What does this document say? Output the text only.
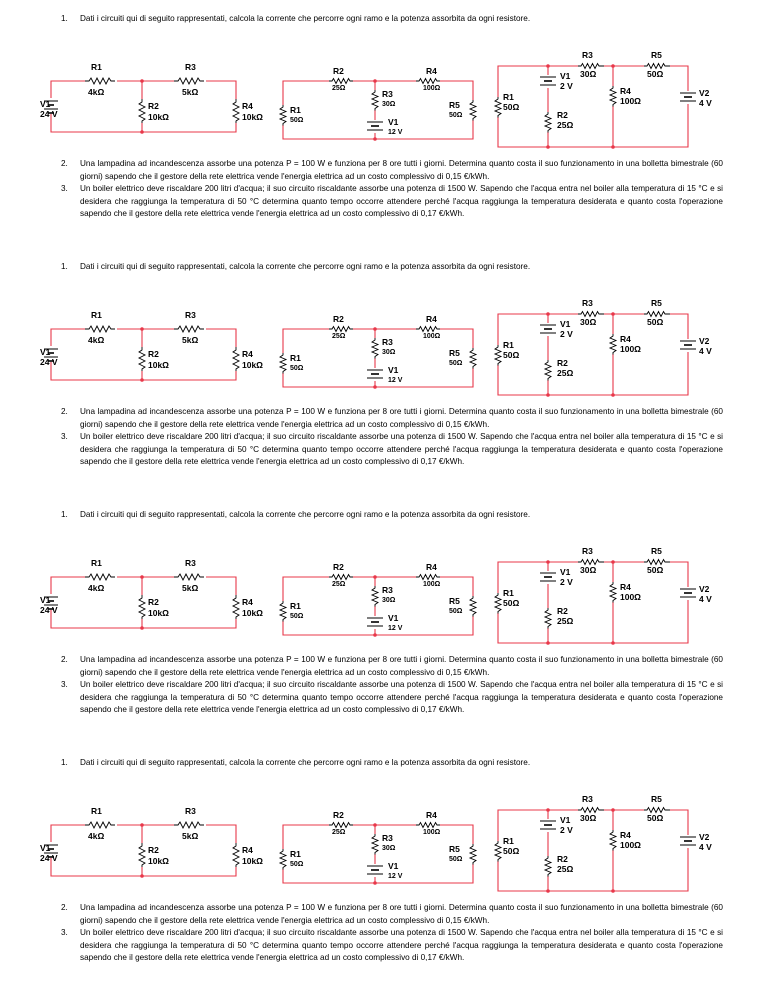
1.	Dati i circuiti qui di seguito rappresentati, calcola la corrente che percorre ogni ramo e la potenza assorbita da ogni resistore.
R1
4kΩ
R3
5kΩ
V1
24 V
R2
10kΩ
R4
10kΩ
R2
25Ω
R4
100Ω
R3
30Ω
R1
50Ω
R5
50Ω
V1
12 V
R3
30Ω
R5
50Ω
V1
2 V
R1
50Ω
R4
100Ω
V2
4 V
R2
25Ω
2.	Una lampadina ad incandescenza assorbe una potenza P = 100 W e funziona per 8 ore tutti i giorni. Determina quanto costa il suo funzionamento in una bolletta bimestrale (60 giorni) sapendo che il gestore della rete elettrica vende l'energia elettrica ad un costo complessivo di 0,15 €/kWh.
3.	Un boiler elettrico deve riscaldare 200 litri d'acqua; il suo circuito riscaldante assorbe una potenza di 1500 W. Sapendo che l'acqua entra nel boiler alla temperatura di 15 °C e si desidera che raggiunga la temperatura di 50 °C determina quanto tempo occorre attendere perché l'acqua raggiunga la temperatura desiderata e quanto costa l'operazione sapendo che il gestore della rete elettrica vende l'energia elettrica ad un costo complessivo di 0,17 €/kWh.
1.	Dati i circuiti qui di seguito rappresentati, calcola la corrente che percorre ogni ramo e la potenza assorbita da ogni resistore.
R1
4kΩ
R3
5kΩ
V1
24 V
R2
10kΩ
R4
10kΩ
R2
25Ω
R4
100Ω
R3
30Ω
R1
50Ω
R5
50Ω
V1
12 V
R3
30Ω
R5
50Ω
V1
2 V
R1
50Ω
R4
100Ω
V2
4 V
R2
25Ω
2.	Una lampadina ad incandescenza assorbe una potenza P = 100 W e funziona per 8 ore tutti i giorni. Determina quanto costa il suo funzionamento in una bolletta bimestrale (60 giorni) sapendo che il gestore della rete elettrica vende l'energia elettrica ad un costo complessivo di 0,15 €/kWh.
3.	Un boiler elettrico deve riscaldare 200 litri d'acqua; il suo circuito riscaldante assorbe una potenza di 1500 W. Sapendo che l'acqua entra nel boiler alla temperatura di 15 °C e si desidera che raggiunga la temperatura di 50 °C determina quanto tempo occorre attendere perché l'acqua raggiunga la temperatura desiderata e quanto costa l'operazione sapendo che il gestore della rete elettrica vende l'energia elettrica ad un costo complessivo di 0,17 €/kWh.
1.	Dati i circuiti qui di seguito rappresentati, calcola la corrente che percorre ogni ramo e la potenza assorbita da ogni resistore.
R1
4kΩ
R3
5kΩ
V1
24 V
R2
10kΩ
R4
10kΩ
R2
25Ω
R4
100Ω
R3
30Ω
R1
50Ω
R5
50Ω
V1
12 V
R3
30Ω
R5
50Ω
V1
2 V
R1
50Ω
R4
100Ω
V2
4 V
R2
25Ω
2.	Una lampadina ad incandescenza assorbe una potenza P = 100 W e funziona per 8 ore tutti i giorni. Determina quanto costa il suo funzionamento in una bolletta bimestrale (60 giorni) sapendo che il gestore della rete elettrica vende l'energia elettrica ad un costo complessivo di 0,15 €/kWh.
3.	Un boiler elettrico deve riscaldare 200 litri d'acqua; il suo circuito riscaldante assorbe una potenza di 1500 W. Sapendo che l'acqua entra nel boiler alla temperatura di 15 °C e si desidera che raggiunga la temperatura di 50 °C determina quanto tempo occorre attendere perché l'acqua raggiunga la temperatura desiderata e quanto costa l'operazione sapendo che il gestore della rete elettrica vende l'energia elettrica ad un costo complessivo di 0,17 €/kWh.
1.	Dati i circuiti qui di seguito rappresentati, calcola la corrente che percorre ogni ramo e la potenza assorbita da ogni resistore.
R1
4kΩ
R3
5kΩ
V1
24 V
R2
10kΩ
R4
10kΩ
R2
25Ω
R4
100Ω
R3
30Ω
R1
50Ω
R5
50Ω
V1
12 V
R3
30Ω
R5
50Ω
V1
2 V
R1
50Ω
R4
100Ω
V2
4 V
R2
25Ω
2.	Una lampadina ad incandescenza assorbe una potenza P = 100 W e funziona per 8 ore tutti i giorni. Determina quanto costa il suo funzionamento in una bolletta bimestrale (60 giorni) sapendo che il gestore della rete elettrica vende l'energia elettrica ad un costo complessivo di 0,15 €/kWh.
3.	Un boiler elettrico deve riscaldare 200 litri d'acqua; il suo circuito riscaldante assorbe una potenza di 1500 W. Sapendo che l'acqua entra nel boiler alla temperatura di 15 °C e si desidera che raggiunga la temperatura di 50 °C determina quanto tempo occorre attendere perché l'acqua raggiunga la temperatura desiderata e quanto costa l'operazione sapendo che il gestore della rete elettrica vende l'energia elettrica ad un costo complessivo di 0,17 €/kWh.
